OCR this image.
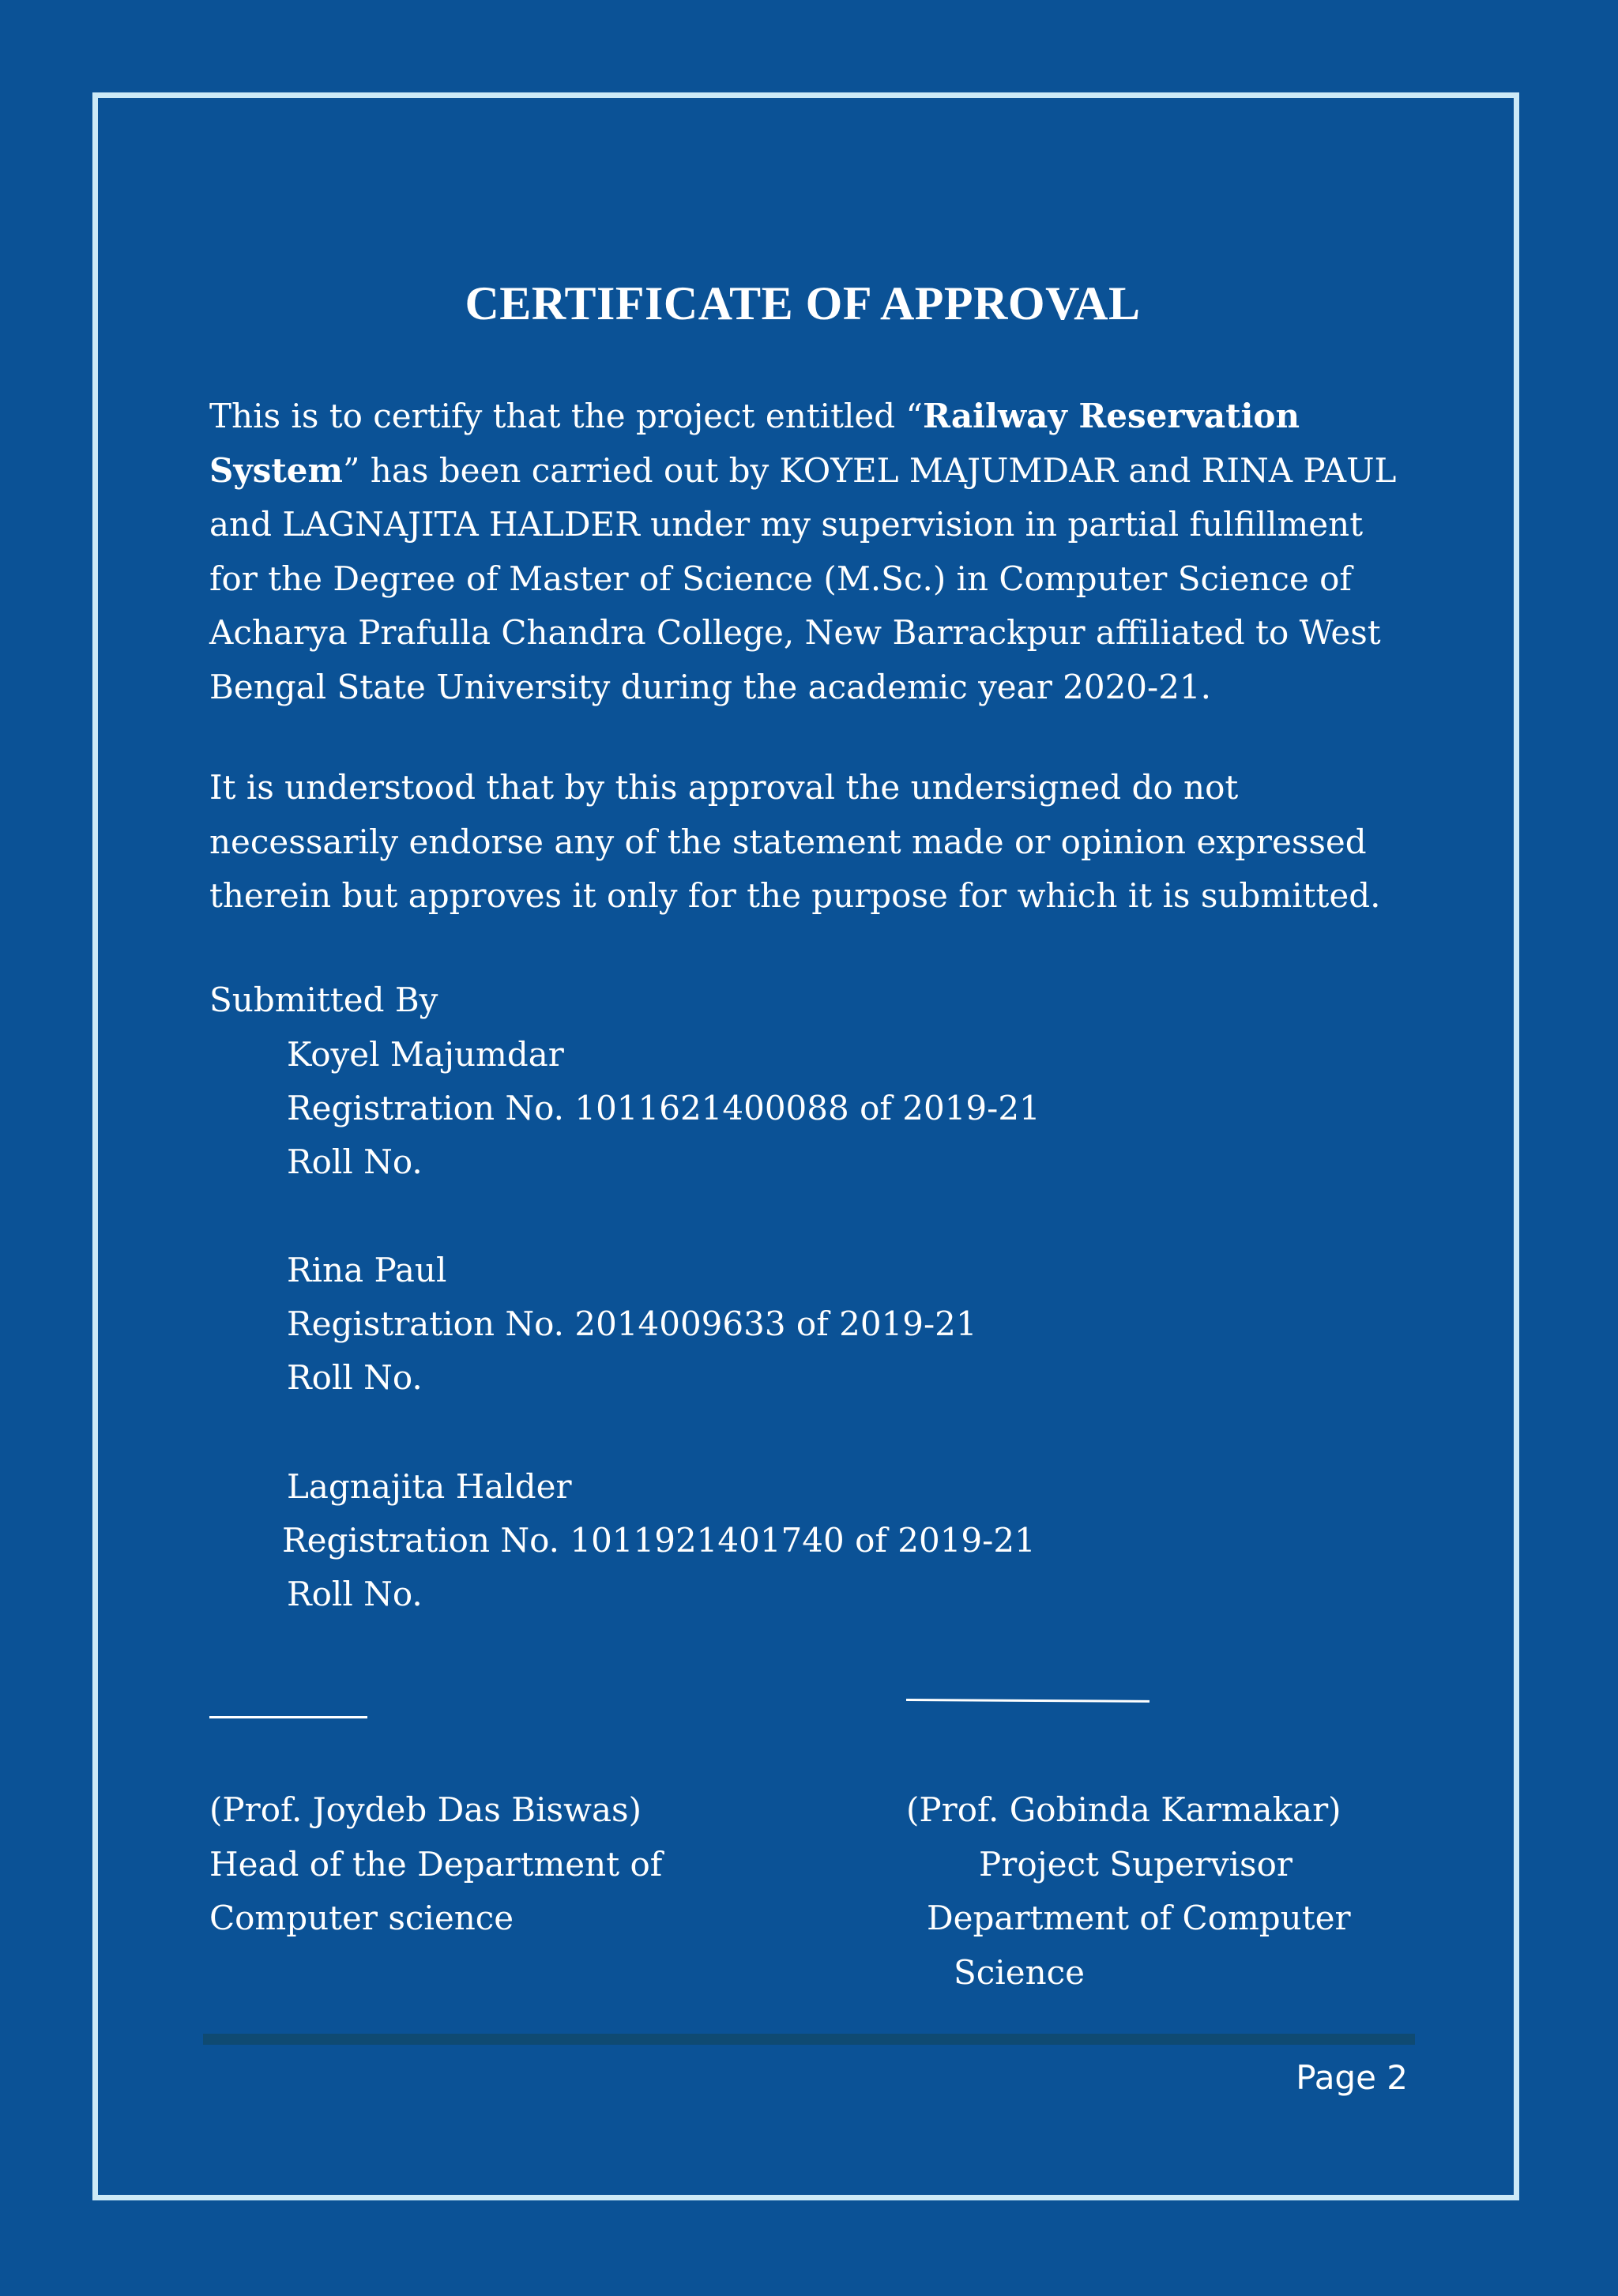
CERTIFICATE OF APPROVAL
This is to certify that the project entitled “Railway Reservation
System” has been carried out by KOYEL MAJUMDAR and RINA PAUL
and LAGNAJITA HALDER under my supervision in partial fulfillment
for the Degree of Master of Science (M.Sc.) in Computer Science of
Acharya Prafulla Chandra College, New Barrackpur affiliated to West
Bengal State University during the academic year 2020-21.
It is understood that by this approval the undersigned do not
necessarily endorse any of the statement made or opinion expressed
therein but approves it only for the purpose for which it is submitted.
Submitted By
Koyel Majumdar
Registration No. 1011621400088 of 2019-21
Roll No.
Rina Paul
Registration No. 2014009633 of 2019-21
Roll No.
Lagnajita Halder
Registration No. 1011921401740 of 2019-21
Roll No.
(Prof. Joydeb Das Biswas)
Head of the Department of
Computer science
(Prof. Gobinda Karmakar)
Project Supervisor
Department of Computer
Science
Page 2
